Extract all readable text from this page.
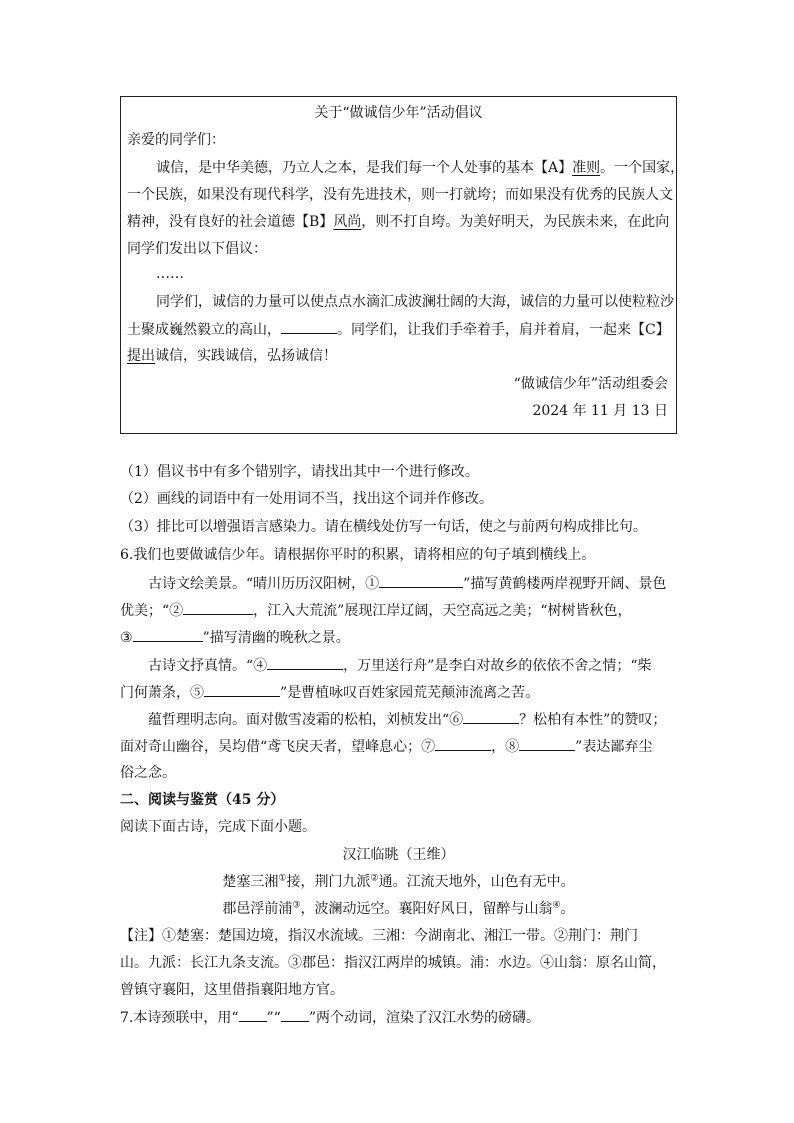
关于“做诚信少年”活动倡议
亲爱的同学们：
诚信，是中华美德，乃立人之本，是我们每一个人处事的基本【A】准则。一个国家，
一个民族，如果没有现代科学，没有先进技术，则一打就垮；而如果没有优秀的民族人文
精神，没有良好的社会道德【B】风尚，则不打自垮。为美好明天，为民族未来，在此向
同学们发出以下倡议：
……
同学们，诚信的力量可以使点点水滴汇成波澜壮阔的大海，诚信的力量可以使粒粒沙
土聚成巍然毅立的高山，	。同学们，让我们手牵着手，肩并着肩，一起来【C】
提出诚信，实践诚信，弘扬诚信！
“做诚信少年”活动组委会
2024 年 11 月 13 日
（1）倡议书中有多个错别字，请找出其中一个进行修改。
（2）画线的词语中有一处用词不当，找出这个词并作修改。
（3）排比可以增强语言感染力。请在横线处仿写一句话，使之与前两句构成排比句。
6.我们也要做诚信少年。请根据你平时的积累，请将相应的句子填到横线上。
古诗文绘美景。“晴川历历汉阳树，①	”描写黄鹤楼两岸视野开阔、景色
优美；“②	，江入大荒流”展现江岸辽阔，天空高远之美；“树树皆秋色，
③	”描写清幽的晚秋之景。
古诗文抒真情。“④	，万里送行舟”是李白对故乡的依依不舍之情；“柴
门何萧条，⑤	”是曹植咏叹百姓家园荒芜颠沛流离之苦。
蕴哲理明志向。面对傲雪凌霜的松柏，刘桢发出“⑥	？松柏有本性”的赞叹；
面对奇山幽谷，吴均借“鸢飞戾天者，望峰息心；⑦	，⑧	”表达鄙弃尘
俗之念。
二、阅读与鉴赏（45 分）
阅读下面古诗，完成下面小题。
汉江临眺（王维）
楚塞三湘①接，荆门九派②通。江流天地外，山色有无中。
郡邑浮前浦③，波澜动远空。襄阳好风日，留醉与山翁④。
【注】①楚塞：楚国边境，指汉水流域。三湘：今湖南北、湘江一带。②荆门：荆门
山。九派：长江九条支流。③郡邑：指汉江两岸的城镇。浦：水边。④山翁：原名山简，
曾镇守襄阳，这里借指襄阳地方官。
7.本诗颈联中，用“ ”“ ”两个动词，渲染了汉江水势的磅礴。
